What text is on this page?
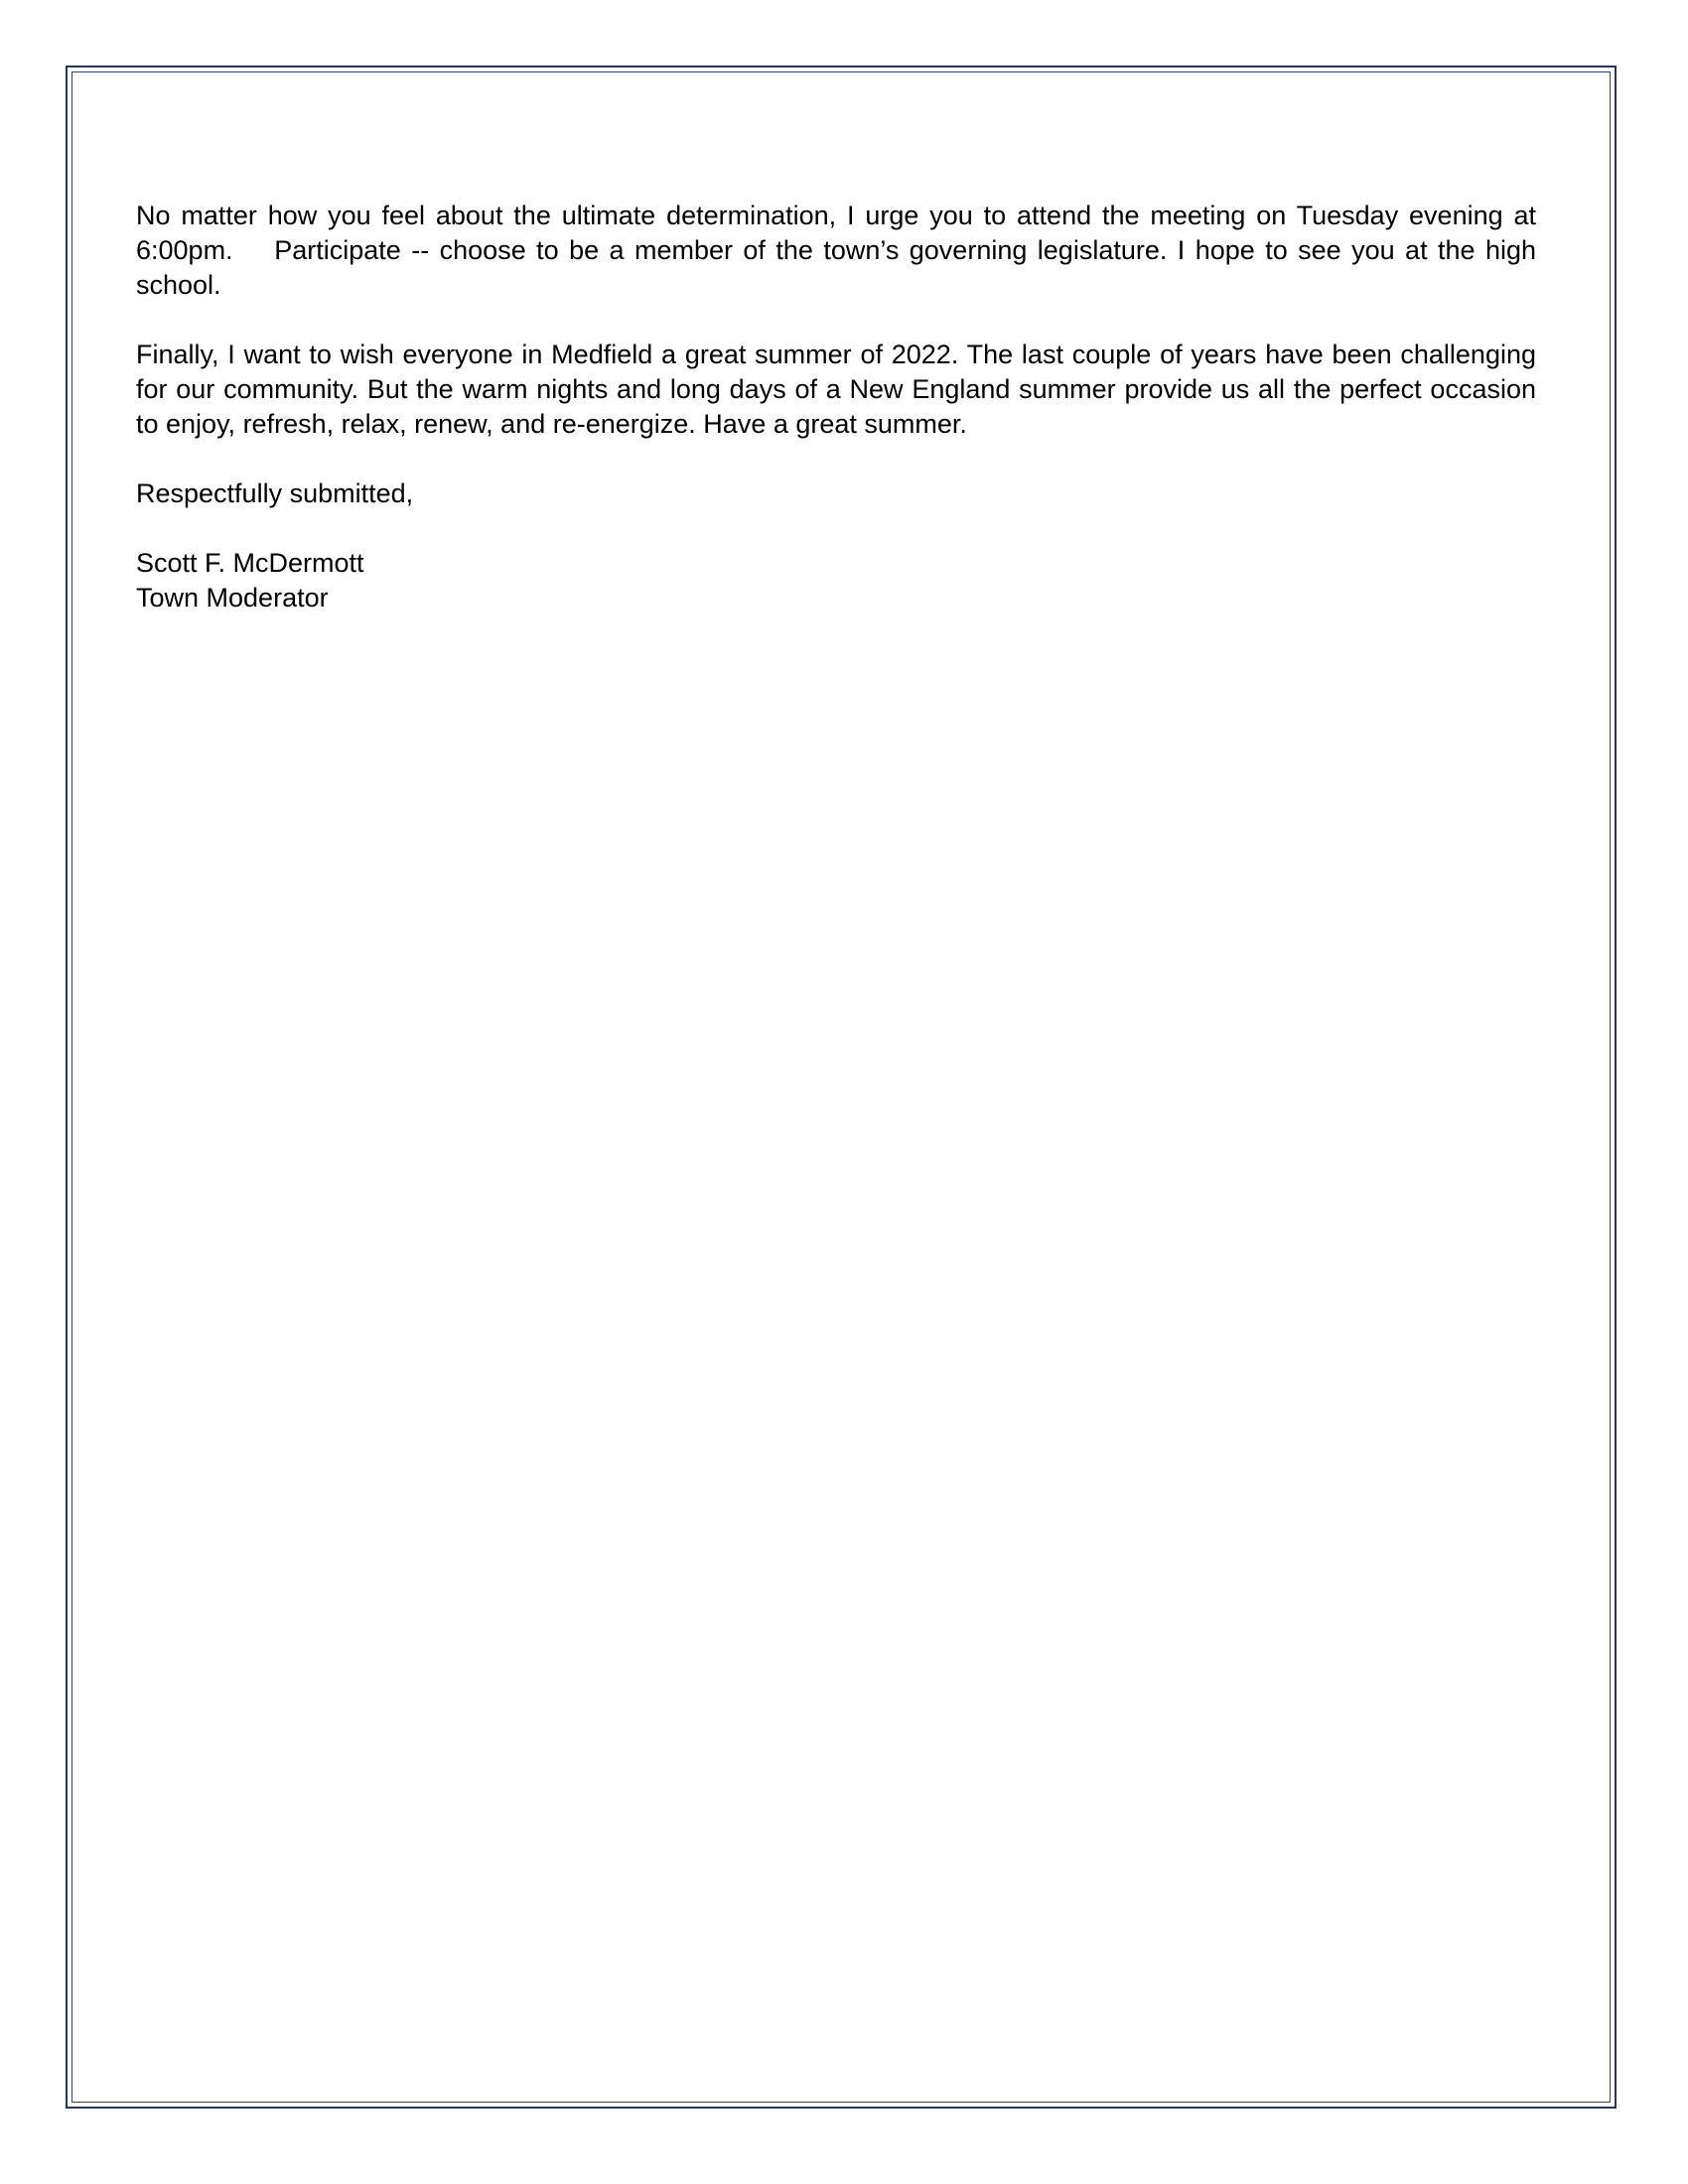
No matter how you feel about the ultimate determination, I urge you to attend the meeting on Tuesday evening at 6:00pm.    Participate -- choose to be a member of the town’s governing legislature. I hope to see you at the high school.

Finally, I want to wish everyone in Medfield a great summer of 2022. The last couple of years have been challenging for our community. But the warm nights and long days of a New England summer provide us all the perfect occasion to enjoy, refresh, relax, renew, and re-energize. Have a great summer.

Respectfully submitted,

Scott F. McDermott
Town Moderator
